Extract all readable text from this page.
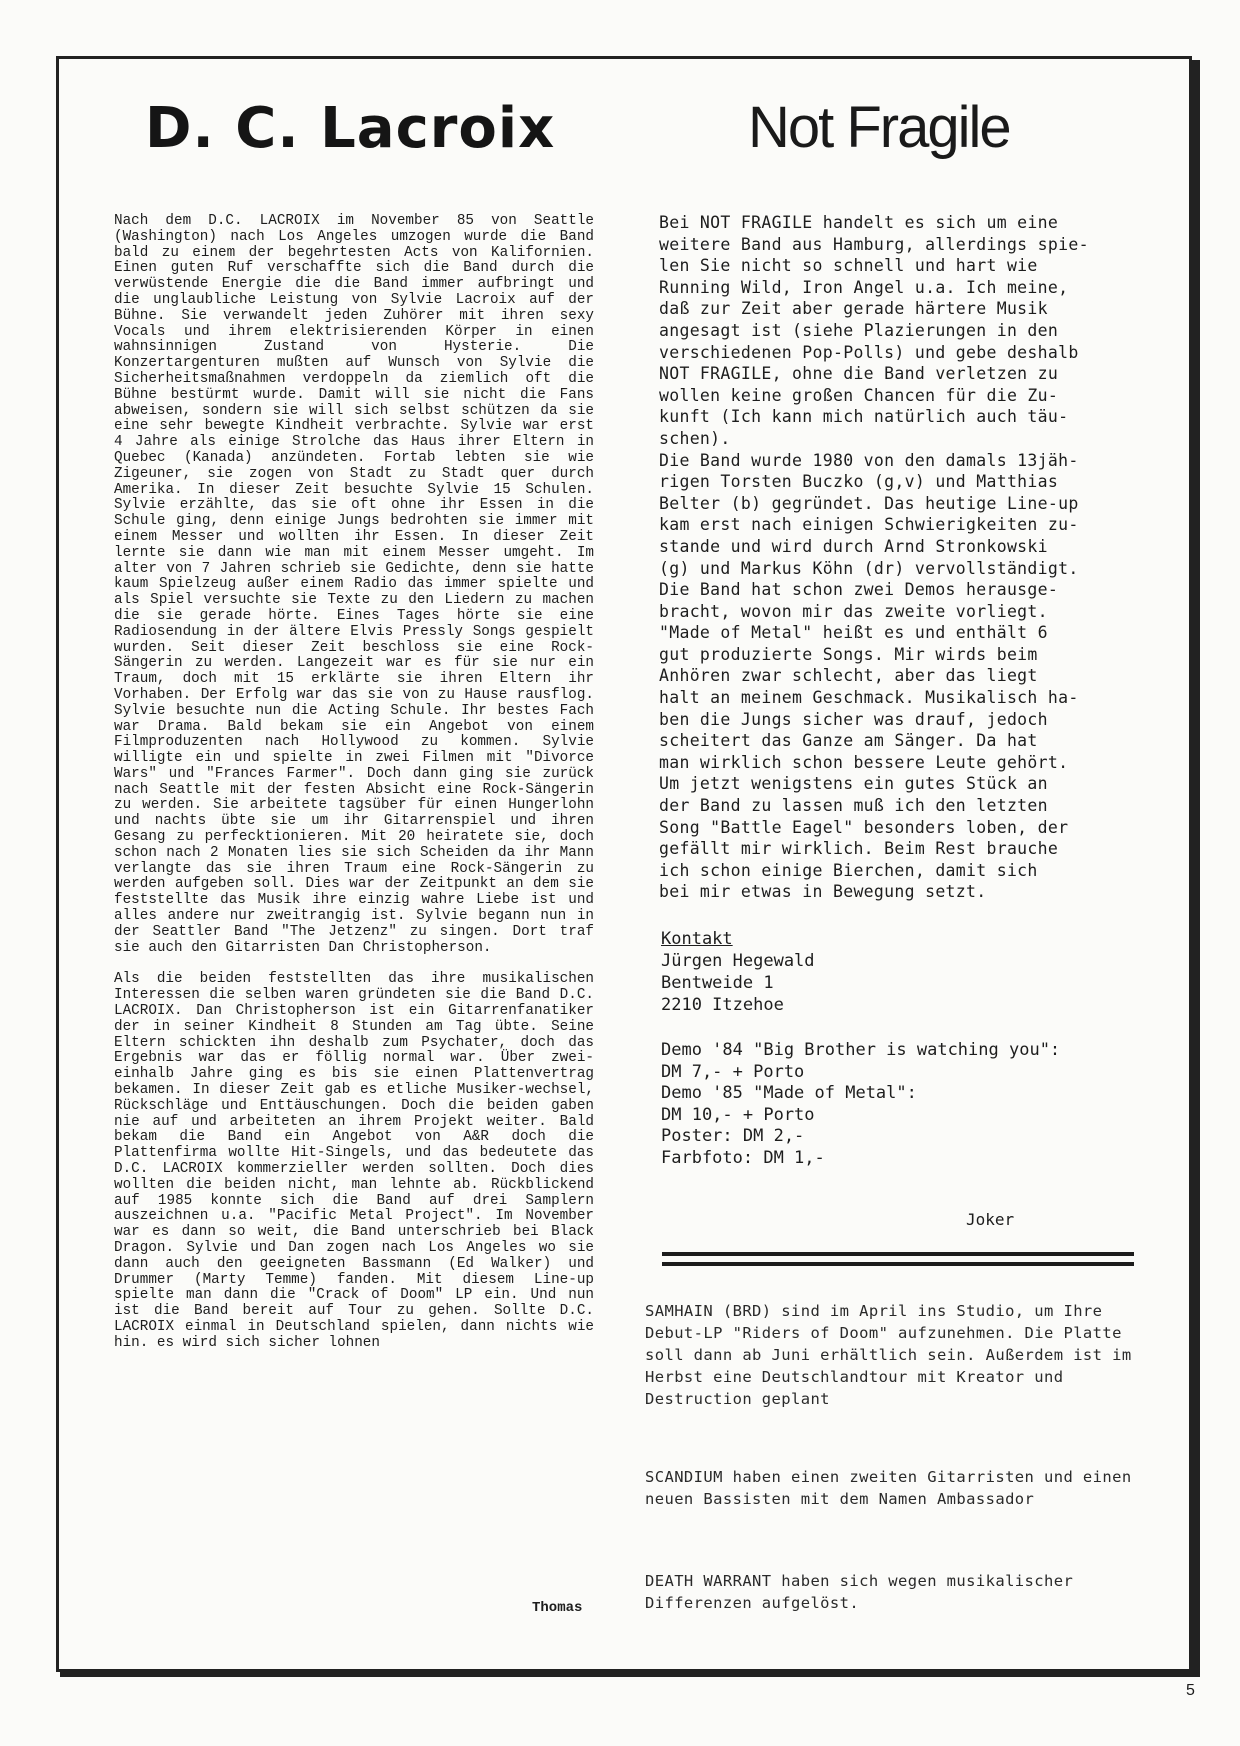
D. C. Lacroix	Not Fragile

Nach dem D.C. LACROIX im November 85 von Seattle (Washington) nach Los Angeles umzogen wurde die Band bald zu einem der begehrtesten Acts von Kalifornien. Einen guten Ruf verschaffte sich die Band durch die verwüstende Energie die die Band immer aufbringt und die unglaubliche Leistung von Sylvie Lacroix auf der Bühne. Sie verwandelt jeden Zuhörer mit ihren sexy Vocals und ihrem elektrisierenden Körper in einen wahnsinnigen Zustand von Hysterie. Die Konzertargenturen mußten auf Wunsch von Sylvie die Sicherheitsmaßnahmen verdoppeln da ziemlich oft die Bühne bestürmt wurde. Damit will sie nicht die Fans abweisen, sondern sie will sich selbst schützen da sie eine sehr bewegte Kindheit verbrachte. Sylvie war erst 4 Jahre als einige Strolche das Haus ihrer Eltern in Quebec (Kanada) anzündeten. Fortab lebten sie wie Zigeuner, sie zogen von Stadt zu Stadt quer durch Amerika. In dieser Zeit besuchte Sylvie 15 Schulen. Sylvie erzählte, das sie oft ohne ihr Essen in die Schule ging, denn einige Jungs bedrohten sie immer mit einem Messer und wollten ihr Essen. In dieser Zeit lernte sie dann wie man mit einem Messer umgeht. Im alter von 7 Jahren schrieb sie Gedichte, denn sie hatte kaum Spielzeug außer einem Radio das immer spielte und als Spiel versuchte sie Texte zu den Liedern zu machen die sie gerade hörte. Eines Tages hörte sie eine Radiosendung in der ältere Elvis Pressly Songs gespielt wurden. Seit dieser Zeit beschloss sie eine Rock-Sängerin zu werden. Langezeit war es für sie nur ein Traum, doch mit 15 erklärte sie ihren Eltern ihr Vorhaben. Der Erfolg war das sie von zu Hause rausflog. Sylvie besuchte nun die Acting Schule. Ihr bestes Fach war Drama. Bald bekam sie ein Angebot von einem Filmproduzenten nach Hollywood zu kommen. Sylvie willigte ein und spielte in zwei Filmen mit "Divorce Wars" und "Frances Farmer". Doch dann ging sie zurück nach Seattle mit der festen Absicht eine Rock-Sängerin zu werden. Sie arbeitete tagsüber für einen Hungerlohn und nachts übte sie um ihr Gitarrenspiel und ihren Gesang zu perfecktionieren. Mit 20 heiratete sie, doch schon nach 2 Monaten lies sie sich Scheiden da ihr Mann verlangte das sie ihren Traum eine Rock-Sängerin zu werden aufgeben soll. Dies war der Zeitpunkt an dem sie feststellte das Musik ihre einzig wahre Liebe ist und alles andere nur zweitrangig ist. Sylvie begann nun in der Seattler Band "The Jetzenz" zu singen. Dort traf sie auch den Gitarristen Dan Christopherson.

Als die beiden feststellten das ihre musikalischen Interessen die selben waren gründeten sie die Band D.C. LACROIX. Dan Christopherson ist ein Gitarrenfanatiker der in seiner Kindheit 8 Stunden am Tag übte. Seine Eltern schickten ihn deshalb zum Psychater, doch das Ergebnis war das er föllig normal war. Über zwei-einhalb Jahre ging es bis sie einen Plattenvertrag bekamen. In dieser Zeit gab es etliche Musiker-wechsel, Rückschläge und Enttäuschungen. Doch die beiden gaben nie auf und arbeiteten an ihrem Projekt weiter. Bald bekam die Band ein Angebot von A&R doch die Plattenfirma wollte Hit-Singels, und das bedeutete das D.C. LACROIX kommerzieller werden sollten. Doch dies wollten die beiden nicht, man lehnte ab. Rückblickend auf 1985 konnte sich die Band auf drei Samplern auszeichnen u.a. "Pacific Metal Project". Im November war es dann so weit, die Band unterschrieb bei Black Dragon. Sylvie und Dan zogen nach Los Angeles wo sie dann auch den geeigneten Bassmann (Ed Walker) und Drummer (Marty Temme) fanden. Mit diesem Line-up spielte man dann die "Crack of Doom" LP ein. Und nun ist die Band bereit auf Tour zu gehen. Sollte D.C. LACROIX einmal in Deutschland spielen, dann nichts wie hin. es wird sich sicher lohnen

Thomas

Bei NOT FRAGILE handelt es sich um eine

weitere Band aus Hamburg, allerdings spie-

len Sie nicht so schnell und hart wie

Running Wild, Iron Angel u.a. Ich meine,

daß zur Zeit aber gerade härtere Musik

angesagt ist (siehe Plazierungen in den

verschiedenen Pop-Polls) und gebe deshalb

NOT FRAGILE, ohne die Band verletzen zu

wollen keine großen Chancen für die Zu-

kunft (Ich kann mich natürlich auch täu-

schen).

Die Band wurde 1980 von den damals 13jäh-

rigen Torsten Buczko (g,v) und Matthias

Belter (b) gegründet. Das heutige Line-up

kam erst nach einigen Schwierigkeiten zu-

stande und wird durch Arnd Stronkowski

(g) und Markus Köhn (dr) vervollständigt.

Die Band hat schon zwei Demos herausge-

bracht, wovon mir das zweite vorliegt.

"Made of Metal" heißt es und enthält 6

gut produzierte Songs. Mir wirds beim

Anhören zwar schlecht, aber das liegt

halt an meinem Geschmack. Musikalisch ha-

ben die Jungs sicher was drauf, jedoch

scheitert das Ganze am Sänger. Da hat

man wirklich schon bessere Leute gehört.

Um jetzt wenigstens ein gutes Stück an

der Band zu lassen muß ich den letzten

Song "Battle Eagel" besonders loben, der

gefällt mir wirklich. Beim Rest brauche

ich schon einige Bierchen, damit sich

bei mir etwas in Bewegung setzt.

Kontakt
Jürgen Hegewald
Bentweide 1
2210 Itzehoe
Demo '84 "Big Brother is watching you":
DM 7,- + Porto
Demo '85 "Made of Metal":
DM 10,- + Porto
Poster: DM 2,-
Farbfoto: DM 1,-
Joker
SAMHAIN (BRD) sind im April ins Studio, um Ihre Debut-LP "Riders of Doom" aufzunehmen. Die Platte soll dann ab Juni erhältlich sein. Außerdem ist im Herbst eine Deutschlandtour mit Kreator und Destruction geplant
SCANDIUM haben einen zweiten Gitarristen und einen neuen Bassisten mit dem Namen Ambassador
DEATH WARRANT haben sich wegen musikalischer Differenzen aufgelöst.
5
